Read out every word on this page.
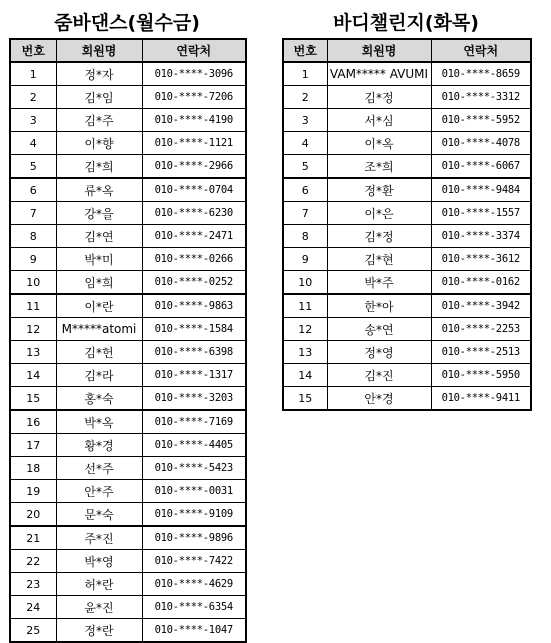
줌바댄스(월수금)
번호	회원명	연락처
1	정*자	010-****-3096
2	김*임	010-****-7206
3	김*주	010-****-4190
4	이*향	010-****-1121
5	김*희	010-****-2966
6	류*옥	010-****-0704
7	강*을	010-****-6230
8	김*연	010-****-2471
9	박*미	010-****-0266
10	임*희	010-****-0252
11	이*란	010-****-9863
12	M*****atomi	010-****-1584
13	김*헌	010-****-6398
14	김*라	010-****-1317
15	홍*숙	010-****-3203
16	박*옥	010-****-7169
17	황*경	010-****-4405
18	선*주	010-****-5423
19	안*주	010-****-0031
20	문*숙	010-****-9109
21	주*진	010-****-9896
22	박*영	010-****-7422
23	허*란	010-****-4629
24	윤*진	010-****-6354
25	정*란	010-****-1047
바디챌린지(화목)
번호	회원명	연락처
1	VAM***** AVUMI	010-****-8659
2	김*정	010-****-3312
3	서*심	010-****-5952
4	이*옥	010-****-4078
5	조*희	010-****-6067
6	정*환	010-****-9484
7	이*은	010-****-1557
8	김*정	010-****-3374
9	김*현	010-****-3612
10	박*주	010-****-0162
11	한*아	010-****-3942
12	송*연	010-****-2253
13	정*영	010-****-2513
14	김*진	010-****-5950
15	안*경	010-****-9411
